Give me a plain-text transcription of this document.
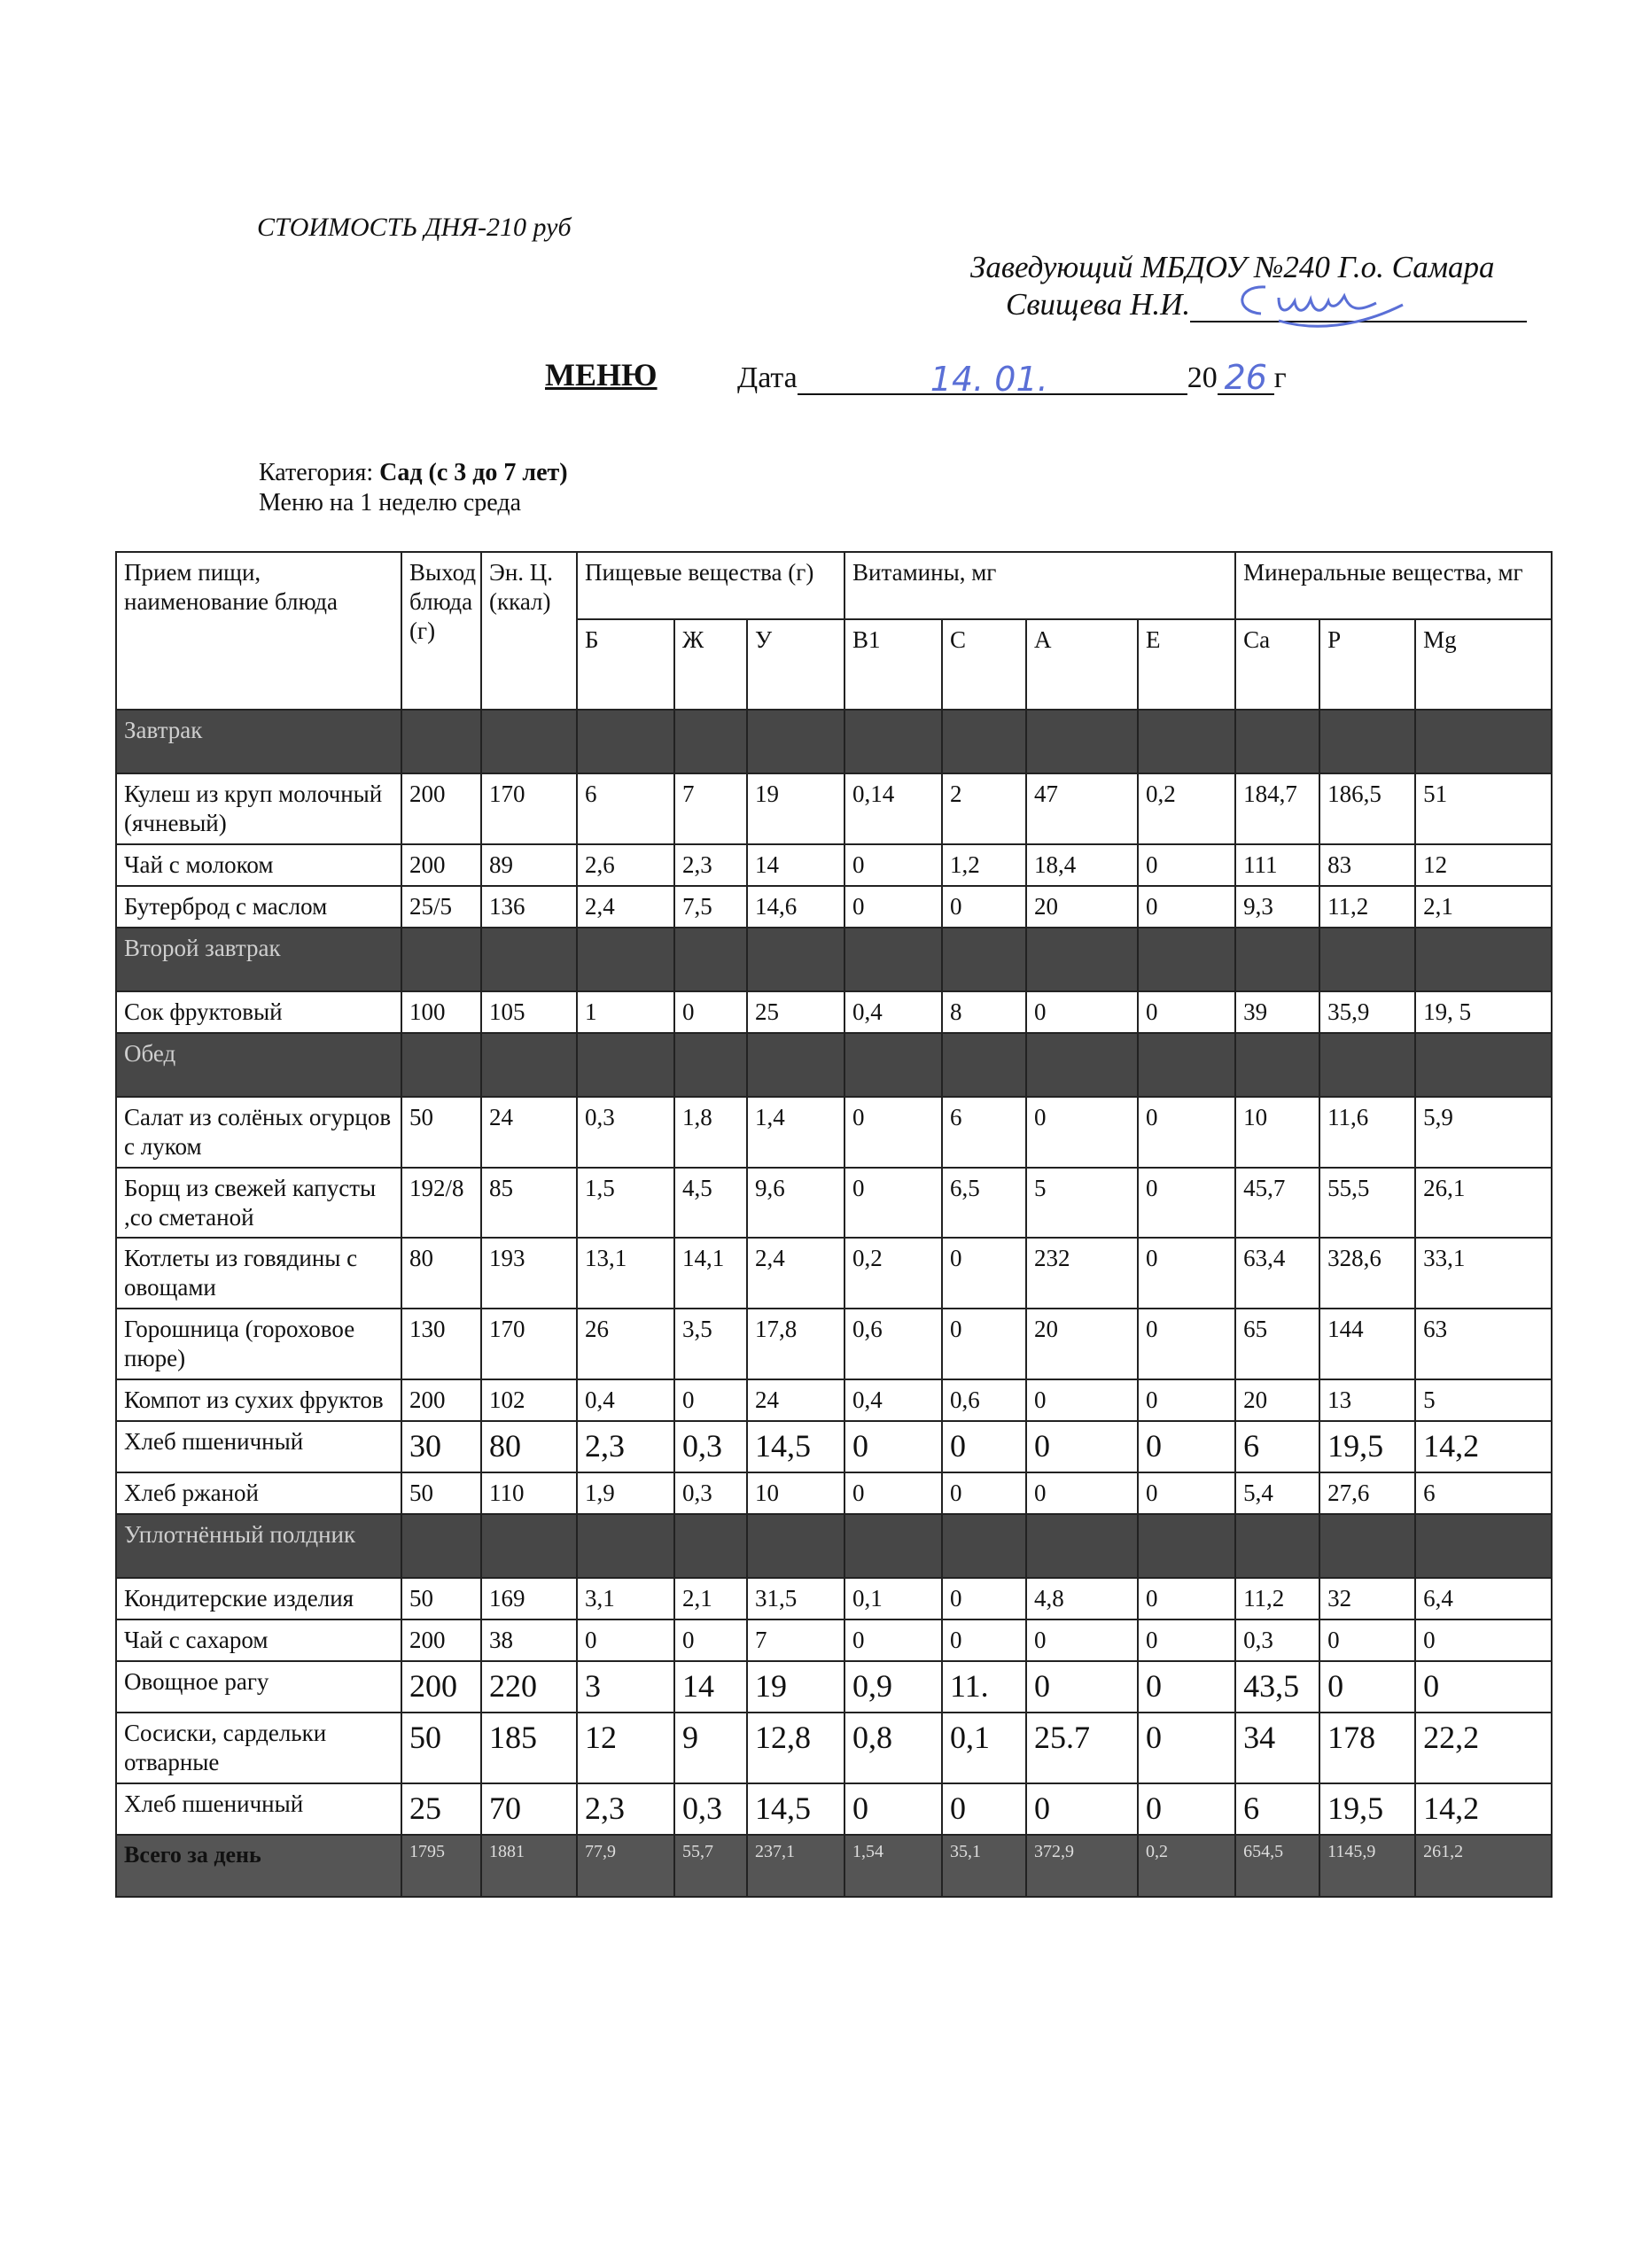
СТОИМОСТЬ ДНЯ-210 руб
Заведующий МБДОУ №240 Г.о. Самара
Свищева Н.И.
МЕНЮ	Дата	14. 01.	20 26 г
Категория: Сад (с 3 до 7 лет)
Меню на 1 неделю среда
Прием пищи, наименование блюда	Выход блюда (г)	Эн. Ц. (ккал)	Пищевые вещества (г)			Витамины, мг				Минеральные вещества, мг			
			Б	Ж	У	B1	С	А	Е	Са	Р	Mg	
Завтрак													
Кулеш из круп молочный (ячневый)	200	170	6	7	19	0,14	2	47	0,2	184,7	186,5	51	
Чай с молоком	200	89	2,6	2,3	14	0	1,2	18,4	0	111	83	12	
Бутерброд с маслом	25/5	136	2,4	7,5	14,6	0	0	20	0	9,3	11,2	2,1	
Второй завтрак													
Сок фруктовый	100	105	1	0	25	0,4	8	0	0	39	35,9	19, 5	
Обед													
Салат из солёных огурцов с луком	50	24	0,3	1,8	1,4	0	6	0	0	10	11,6	5,9	
Борщ из свежей капусты ,со сметаной	192/8	85	1,5	4,5	9,6	0	6,5	5	0	45,7	55,5	26,1	
Котлеты из говядины с овощами	80	193	13,1	14,1	2,4	0,2	0	232	0	63,4	328,6	33,1	
Горошница (гороховое пюре)	130	170	26	3,5	17,8	0,6	0	20	0	65	144	63	
Компот из сухих фруктов	200	102	0,4	0	24	0,4	0,6	0	0	20	13	5	
Хлеб пшеничный	30	80	2,3	0,3	14,5	0	0	0	0	6	19,5	14,2	
Хлеб ржаной	50	110	1,9	0,3	10	0	0	0	0	5,4	27,6	6	
Уплотнённый полдник													
Кондитерские изделия	50	169	3,1	2,1	31,5	0,1	0	4,8	0	11,2	32	6,4	
Чай с сахаром	200	38	0	0	7	0	0	0	0	0,3	0	0	
Овощное рагу	200	220	3	14	19	0,9	11.	0	0	43,5	0	0	
Сосиски, сардельки отварные	50	185	12	9	12,8	0,8	0,1	25.7	0	34	178	22,2	
Хлеб пшеничный	25	70	2,3	0,3	14,5	0	0	0	0	6	19,5	14,2	
Всего за день	1795	1881	77,9	55,7	237,1	1,54	35,1	372,9	0,2	654,5	1145,9	261,2	
